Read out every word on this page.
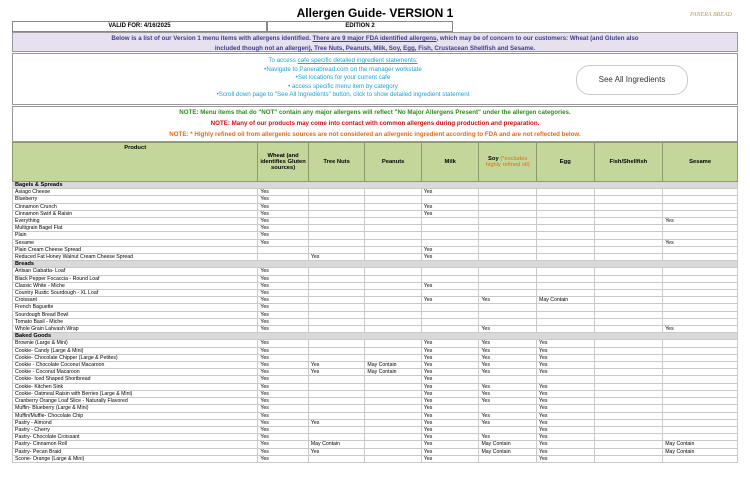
Allergen Guide- VERSION 1	PANERA BREAD
VALID FOR: 4/16/2025	EDITION 2
Below is a list of our Version 1 menu items with allergens identified. There are 9 major FDA identified allergens, which may be of concern to our customers: Wheat (and Gluten also
included though not an allergen), Tree Nuts, Peanuts, Milk, Soy, Egg, Fish, Crustacean Shellfish and Sesame.
To access cafe specific detailed ingredient statements:
•Navigate to Panerabread.com on the manager workstate
•Set locations for your current cafe
• access specific menu item by category
•Scroll down page to "See All Ingredients" button, click to show detailed ingredient statement
See All Ingredients
NOTE: Menu items that do "NOT" contain any major allergens will reflect "No Major Allergens Present" under the allergen categories.
NOTE: Many of our products may come into contact with common allergens during production and preparation.
NOTE: * Highly refined oil from allergenic sources are not considered an allergenic ingredient according to FDA and are not reflected below.
Product	Wheat (and identifies Gluten sources)	Tree Nuts	Peanuts	Milk	Soy (*excludes highly refined oil)	Egg	Fish/Shellfish	Sesame
Bagels & Spreads								
Asiago Cheese	Yes			Yes				
Blueberry	Yes							
Cinnamon Crunch	Yes			Yes				
Cinnamon Swirl & Raisin	Yes			Yes				
Everything	Yes							Yes
Multigrain Bagel Flat	Yes							
Plain	Yes							
Sesame	Yes							Yes
Plain Cream Cheese Spread				Yes				
Reduced Fat Honey Walnut Cream Cheese Spread		Yes		Yes				
Breads								
Artisan Ciabatta- Loaf	Yes							
Black Pepper Focaccia - Round Loaf	Yes							
Classic White - Miche	Yes			Yes				
Country Rustic Sourdough - XL Loaf	Yes							
Croissant	Yes			Yes	Yes	May Contain		
French Baguette	Yes							
Sourdough Bread Bowl	Yes							
Tomato Basil - Miche	Yes							
Whole Grain Lahvash Wrap	Yes				Yes			Yes
Baked Goods								
Brownie (Large & Mini)	Yes			Yes	Yes	Yes		
Cookie- Candy (Large & Mini)	Yes			Yes	Yes	Yes		
Cookie- Chocolate Chipper (Large & Petites)	Yes			Yes	Yes	Yes		
Cookie - Chocolate Coconut Macaroon	Yes	Yes	May Contain	Yes	Yes	Yes		
Cookie - Coconut Macaroon	Yes	Yes	May Contain	Yes	Yes	Yes		
Cookie- Iced Shaped Shortbread	Yes			Yes				
Cookie- Kitchen Sink	Yes			Yes	Yes	Yes		
Cookie- Oatmeal Raisin with Berries (Large & Mini)	Yes			Yes	Yes	Yes		
Cranberry Orange Loaf Slice - Naturally Flavored	Yes			Yes	Yes	Yes		
Muffin- Blueberry (Large & Mini)	Yes			Yes		Yes		
Muffin/Muffie- Chocolate Chip	Yes			Yes	Yes	Yes		
Pastry - Almond	Yes	Yes		Yes	Yes	Yes		
Pastry - Cherry	Yes			Yes		Yes		
Pastry- Chocolate Croissant	Yes			Yes	Yes	Yes		
Pastry- Cinnamon Roll	Yes	May Contain		Yes	May Contain	Yes		May Contain
Pastry- Pecan Braid	Yes	Yes		Yes	May Contain	Yes		May Contain
Scone- Orange (Large & Mini)	Yes			Yes		Yes		
